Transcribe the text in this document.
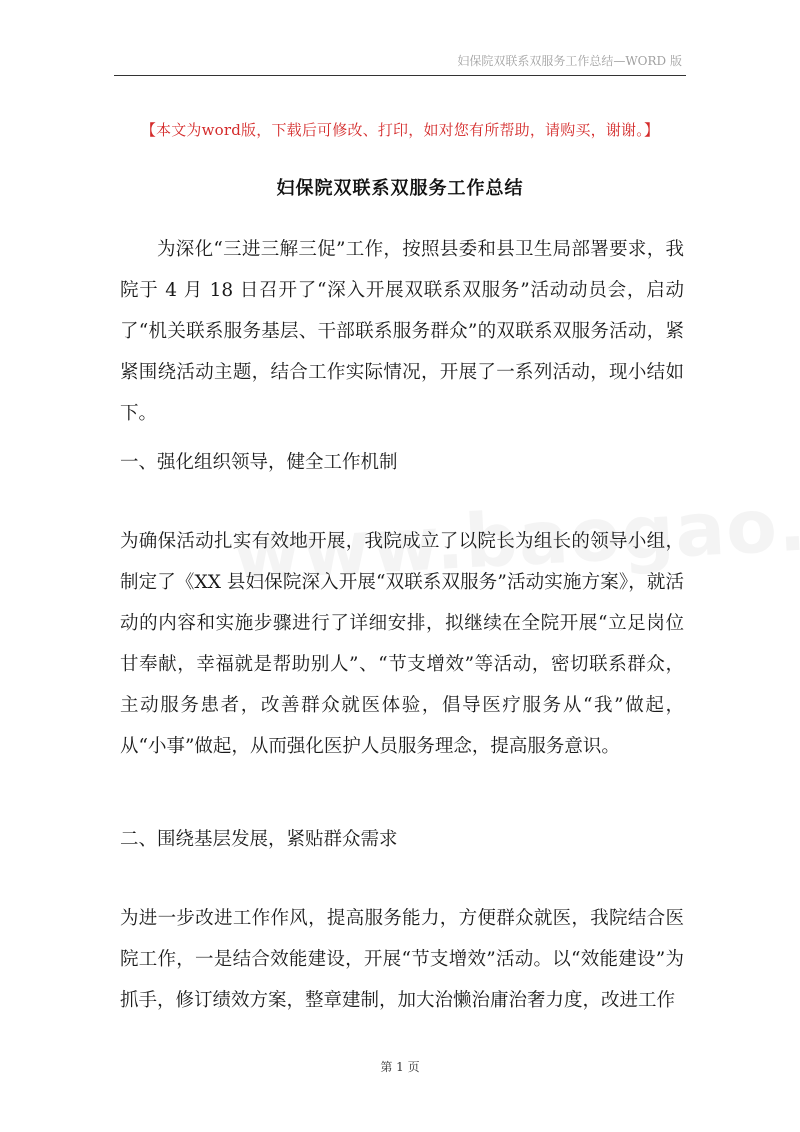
妇保院双联系双服务工作总结—WORD 版
【本文为word版，下载后可修改、打印，如对您有所帮助，请购买，谢谢。】
妇保院双联系双服务工作总结

为深化“三进三解三促”工作，按照县委和县卫生局部署要求，我院于 4 月 18 日召开了“深入开展双联系双服务”活动动员会，启动了“机关联系服务基层、干部联系服务群众”的双联系双服务活动，紧紧围绕活动主题，结合工作实际情况，开展了一系列活动，现小结如下。

一、强化组织领导，健全工作机制

为确保活动扎实有效地开展，我院成立了以院长为组长的领导小组，制定了《XX 县妇保院深入开展“双联系双服务”活动实施方案》，就活动的内容和实施步骤进行了详细安排，拟继续在全院开展“立足岗位甘奉献，幸福就是帮助别人”、“节支增效”等活动，密切联系群众，主动服务患者，改善群众就医体验，倡导医疗服务从“我”做起，从“小事”做起，从而强化医护人员服务理念，提高服务意识。

二、围绕基层发展，紧贴群众需求

为进一步改进工作作风，提高服务能力，方便群众就医，我院结合医院工作，一是结合效能建设，开展“节支增效”活动。以“效能建设”为抓手，修订绩效方案，整章建制，加大治懒治庸治奢力度，改进工作

第 1 页
